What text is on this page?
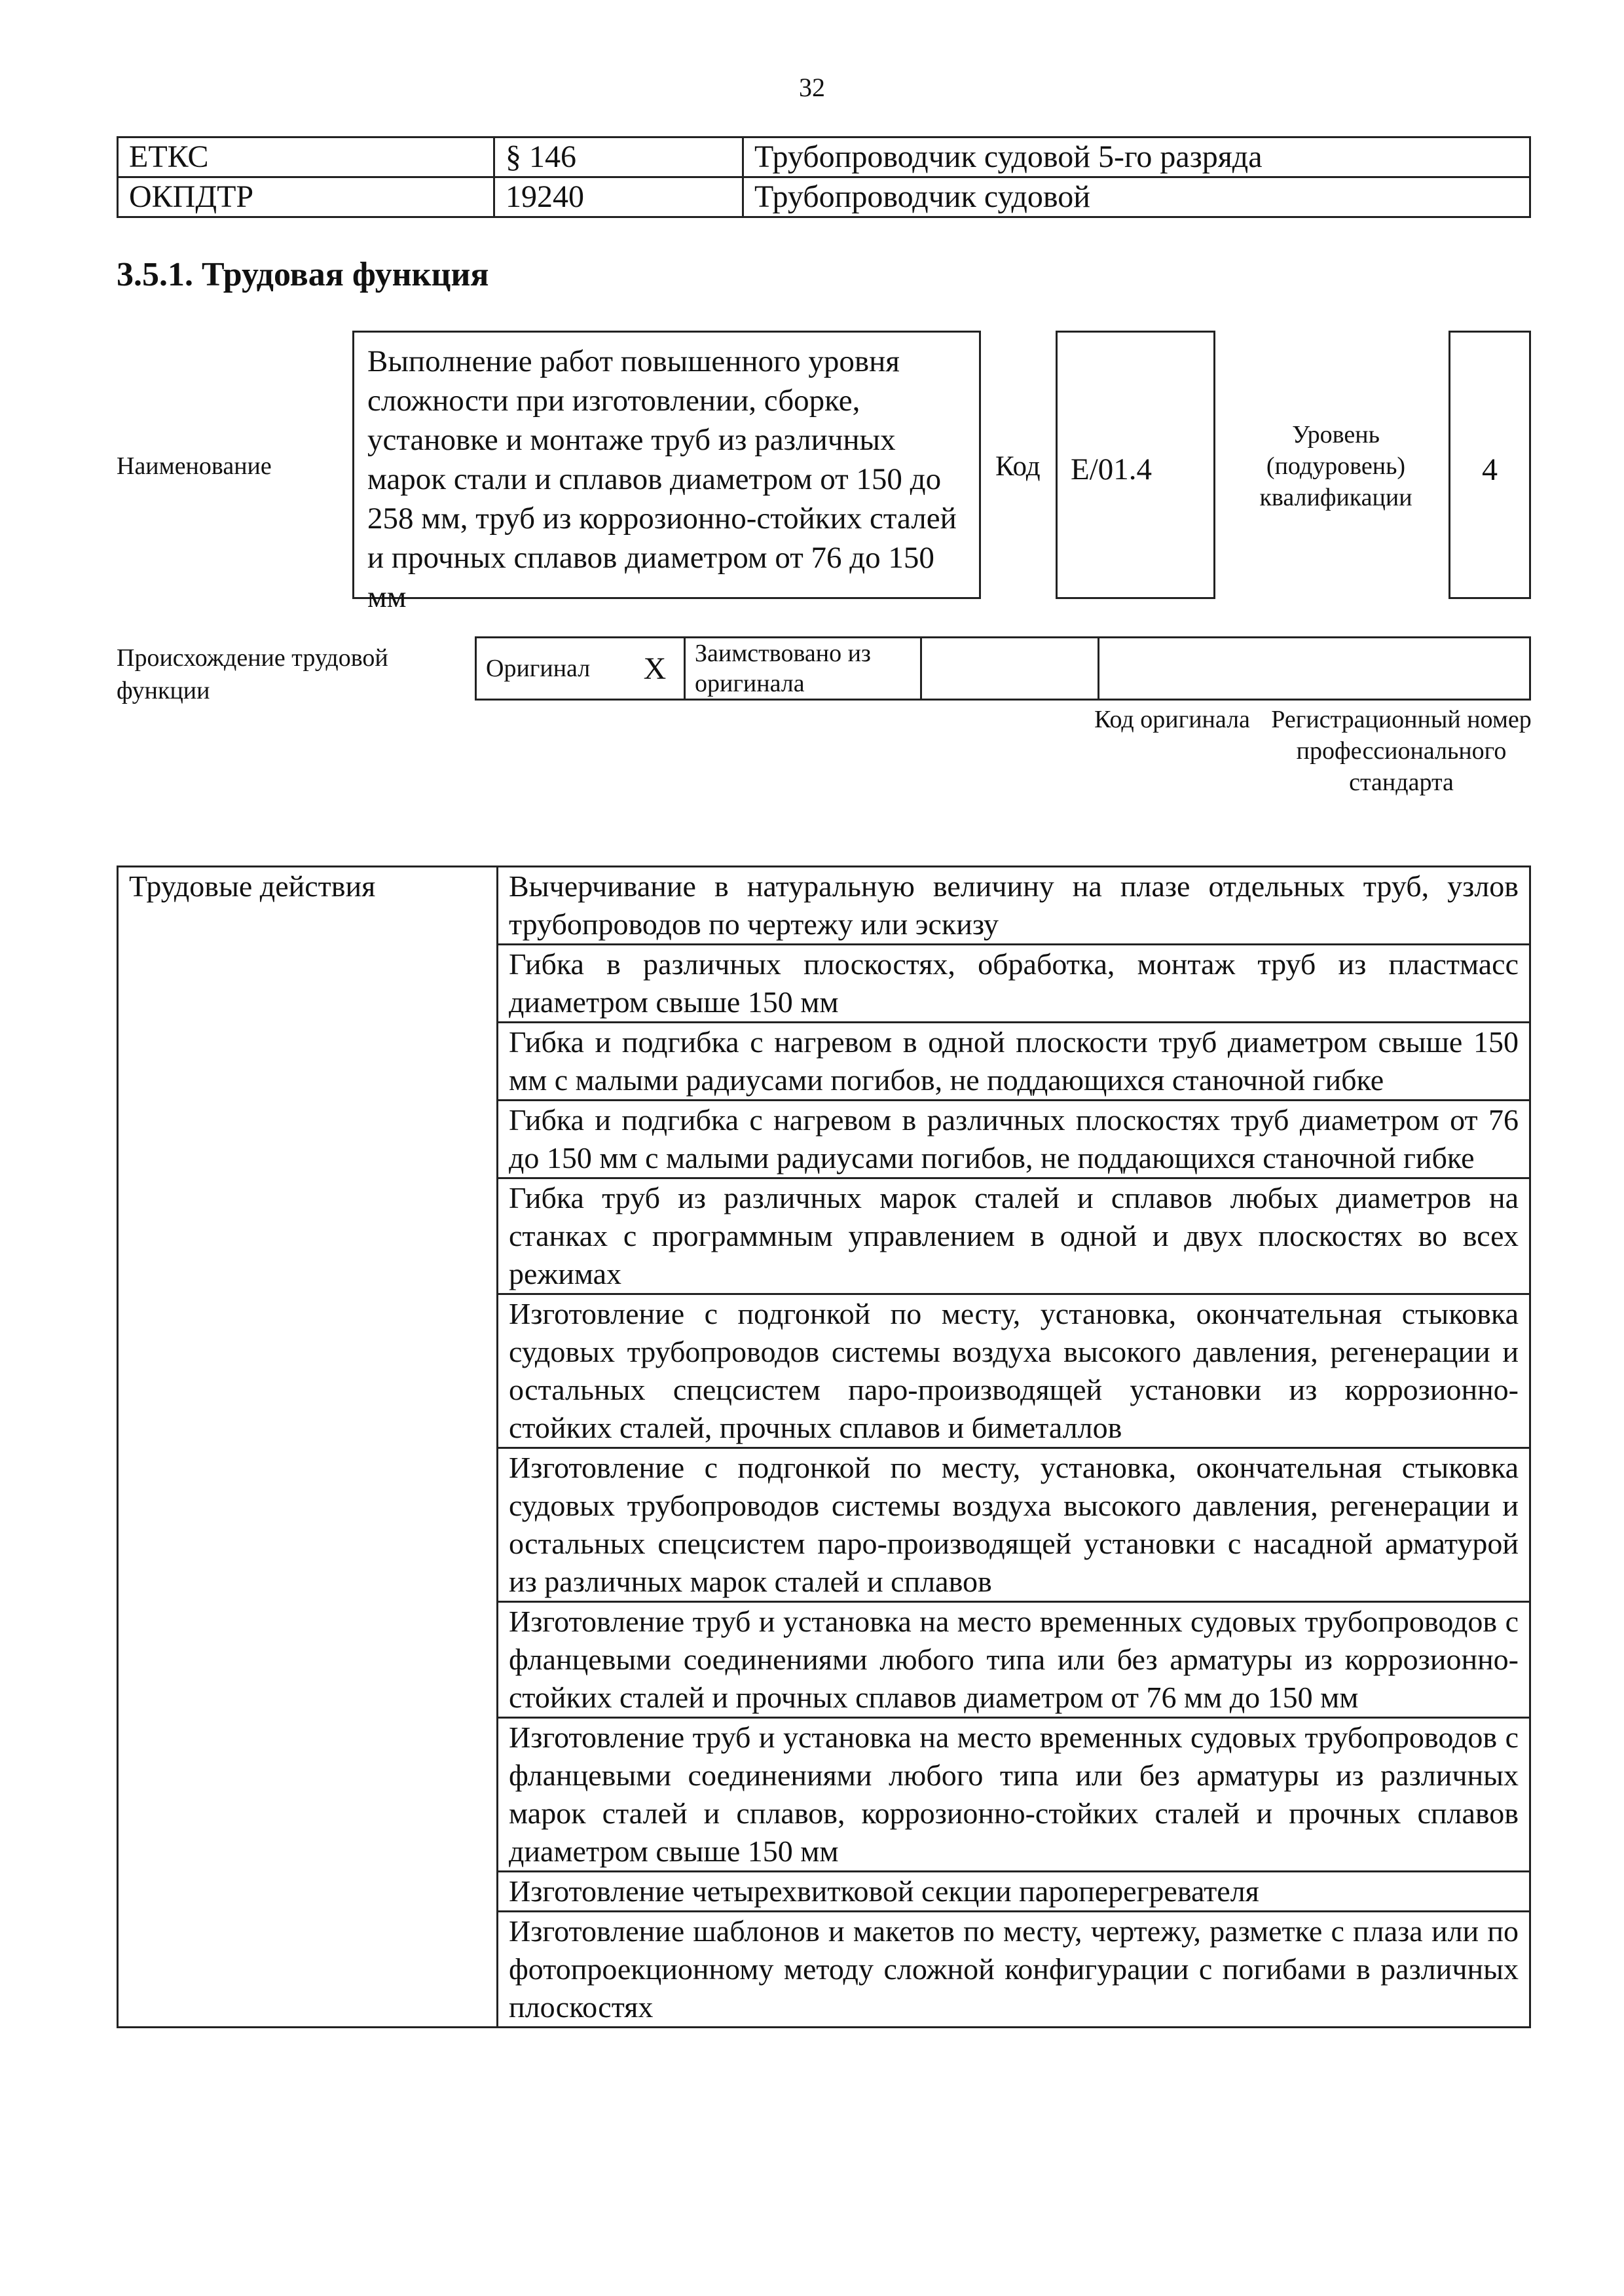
32
ЕТКС	§ 146	Трубопроводчик судовой 5-го разряда
ОКПДТР	19240	Трубопроводчик судовой
3.5.1. Трудовая функция
Наименование
Выполнение работ повышенного уровня сложности при изготовлении, сборке, установке и монтаже труб из различных марок стали и сплавов диаметром от 150 до 258 мм, труб из коррозионно-стойких сталей и прочных сплавов диаметром от 76 до 150 мм
Код E/01.4
Уровень (подуровень) квалификации
4
Происхождение трудовой функции
Оригинал	X	Заимствовано из оригинала		
Код оригинала Регистрационный номер профессионального стандарта
Трудовые действия	Вычерчивание в натуральную величину на плазе отдельных труб, узлов трубопроводов по чертежу или эскизу
Гибка в различных плоскостях, обработка, монтаж труб из пластмасс диаметром свыше 150 мм
Гибка и подгибка с нагревом в одной плоскости труб диаметром свыше 150 мм с малыми радиусами погибов, не поддающихся станочной гибке
Гибка и подгибка с нагревом в различных плоскостях труб диаметром от 76 до 150 мм с малыми радиусами погибов, не поддающихся станочной гибке
Гибка труб из различных марок сталей и сплавов любых диаметров на станках с программным управлением в одной и двух плоскостях во всех режимах
Изготовление с подгонкой по месту, установка, окончательная стыковка судовых трубопроводов системы воздуха высокого давления, регенерации и остальных спецсистем паро-производящей установки из коррозионно-стойких сталей, прочных сплавов и биметаллов
Изготовление с подгонкой по месту, установка, окончательная стыковка судовых трубопроводов системы воздуха высокого давления, регенерации и остальных спецсистем паро-производящей установки с насадной арматурой из различных марок сталей и сплавов
Изготовление труб и установка на место временных судовых трубопроводов с фланцевыми соединениями любого типа или без арматуры из коррозионно-стойких сталей и прочных сплавов диаметром от 76 мм до 150 мм
Изготовление труб и установка на место временных судовых трубопроводов с фланцевыми соединениями любого типа или без арматуры из различных марок сталей и сплавов, коррозионно-стойких сталей и прочных сплавов диаметром свыше 150 мм
Изготовление четырехвитковой секции пароперегревателя
Изготовление шаблонов и макетов по месту, чертежу, разметке с плаза или по фотопроекционному методу сложной конфигурации с погибами в различных плоскостях
